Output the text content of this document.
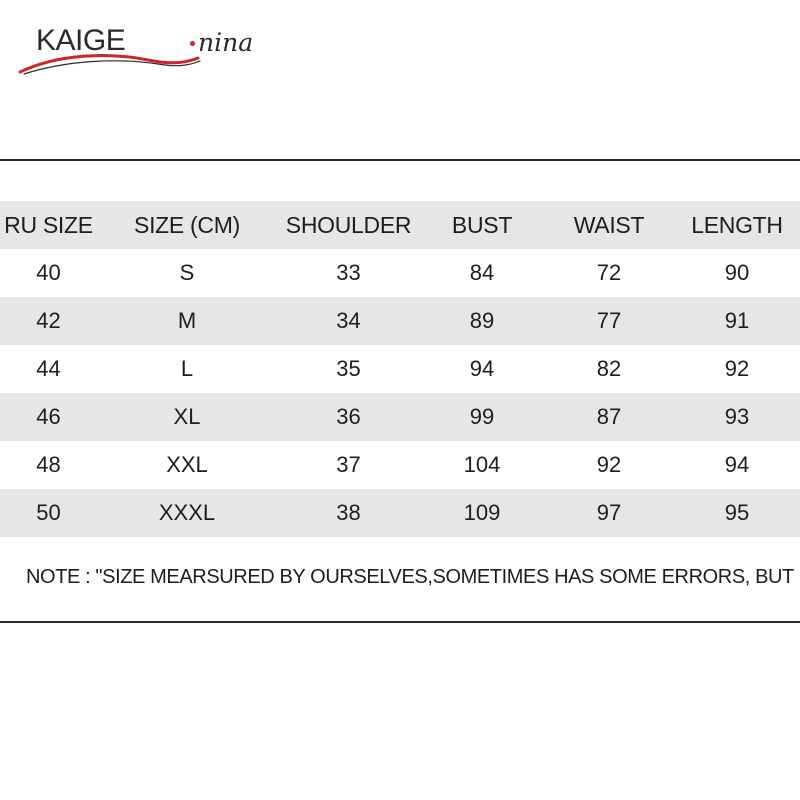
KAIGE	nina
RU SIZE	SIZE (CM)	SHOULDER	BUST	WAIST	LENGTH
40	S	33	84	72	90
42	M	34	89	77	91
44	L	35	94	82	92
46	XL	36	99	87	93
48	XXL	37	104	92	94
50	XXXL	38	109	97	95
NOTE : "SIZE MEARSURED BY OURSELVES,SOMETIMES HAS SOME ERRORS, BUT
